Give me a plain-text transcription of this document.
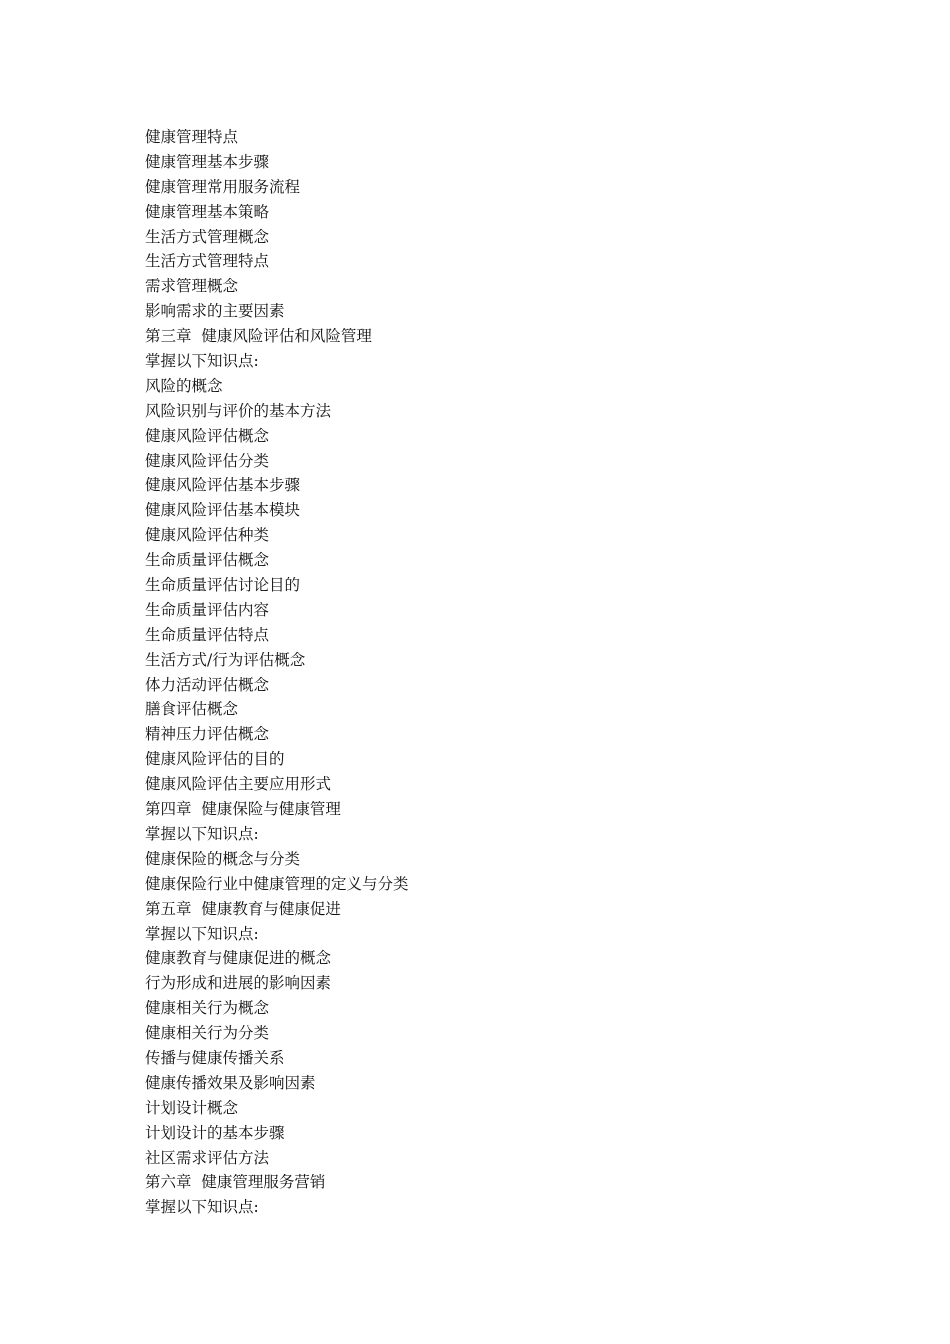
健康管理特点

健康管理基本步骤

健康管理常用服务流程

健康管理基本策略

生活方式管理概念

生活方式管理特点

需求管理概念

影响需求的主要因素

第三章  健康风险评估和风险管理

掌握以下知识点:

风险的概念

风险识别与评价的基本方法

健康风险评估概念

健康风险评估分类

健康风险评估基本步骤

健康风险评估基本模块

健康风险评估种类

生命质量评估概念

生命质量评估讨论目的

生命质量评估内容

生命质量评估特点

生活方式/行为评估概念

体力活动评估概念

膳食评估概念

精神压力评估概念

健康风险评估的目的

健康风险评估主要应用形式

第四章  健康保险与健康管理

掌握以下知识点:

健康保险的概念与分类

健康保险行业中健康管理的定义与分类

第五章  健康教育与健康促进

掌握以下知识点:

健康教育与健康促进的概念

行为形成和进展的影响因素

健康相关行为概念

健康相关行为分类

传播与健康传播关系

健康传播效果及影响因素

计划设计概念

计划设计的基本步骤

社区需求评估方法

第六章  健康管理服务营销

掌握以下知识点:
